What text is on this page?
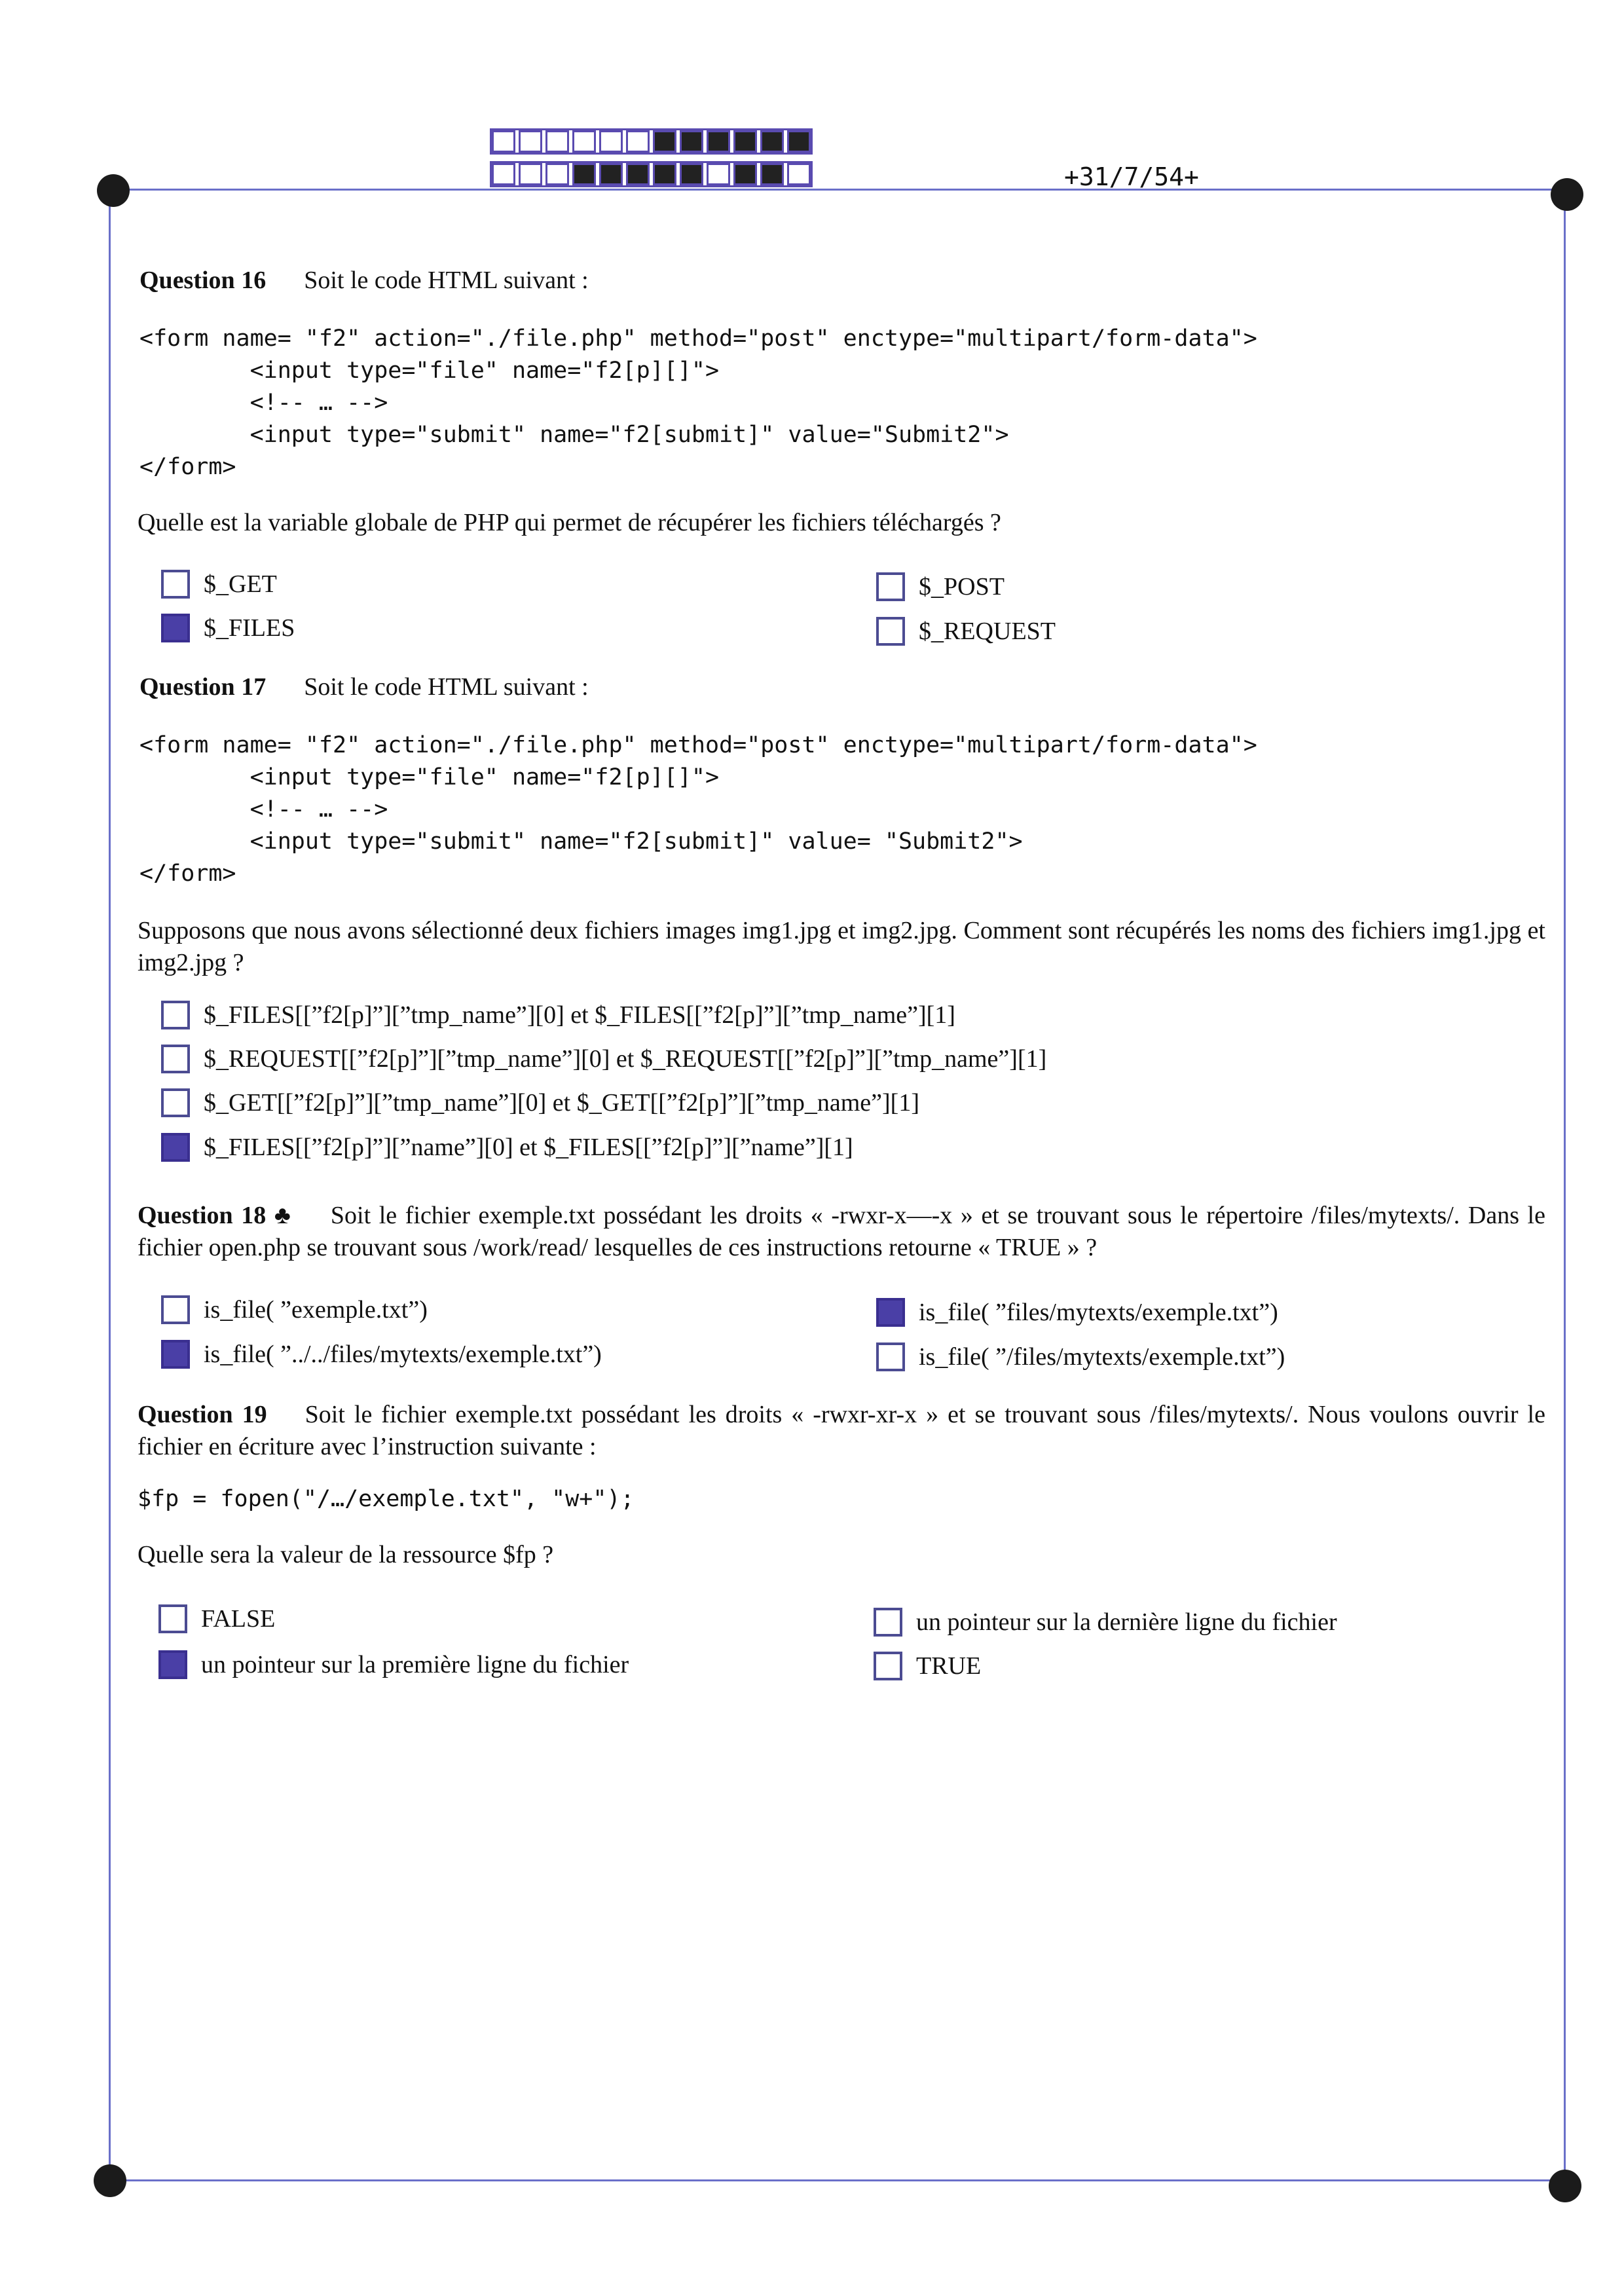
+31/7/54+
Question 16 Soit le code HTML suivant :
<form name= "f2" action="./file.php" method="post" enctype="multipart/form-data">
<input type="file" name="f2[p][]">
<!-- … -->
<input type="submit" name="f2[submit]" value="Submit2">
</form>
Quelle est la variable globale de PHP qui permet de récupérer les fichiers téléchargés ?
$_GET
$_FILES
$_POST
$_REQUEST
Question 17 Soit le code HTML suivant :
<form name= "f2" action="./file.php" method="post" enctype="multipart/form-data">
<input type="file" name="f2[p][]">
<!-- … -->
<input type="submit" name="f2[submit]" value= "Submit2">
</form>
Supposons que nous avons sélectionné deux fichiers images img1.jpg et img2.jpg. Comment sont récupérés les noms des fichiers img1.jpg et img2.jpg ?
$_FILES[[”f2[p]”][”tmp_name”][0] et $_FILES[[”f2[p]”][”tmp_name”][1]
$_REQUEST[[”f2[p]”][”tmp_name”][0] et $_REQUEST[[”f2[p]”][”tmp_name”][1]
$_GET[[”f2[p]”][”tmp_name”][0] et $_GET[[”f2[p]”][”tmp_name”][1]
$_FILES[[”f2[p]”][”name”][0] et $_FILES[[”f2[p]”][”name”][1]
Question 18 ♣ Soit le fichier exemple.txt possédant les droits « -rwxr-x—-x » et se trouvant sous le répertoire /files/mytexts/. Dans le fichier open.php se trouvant sous /work/read/ lesquelles de ces instructions retourne « TRUE » ?
is_file( ”exemple.txt”)
is_file( ”../../files/mytexts/exemple.txt”)
is_file( ”files/mytexts/exemple.txt”)
is_file( ”/files/mytexts/exemple.txt”)
Question 19 Soit le fichier exemple.txt possédant les droits « -rwxr-xr-x » et se trouvant sous /files/mytexts/. Nous voulons ouvrir le fichier en écriture avec l’instruction suivante :
$fp = fopen("/…/exemple.txt", "w+");
Quelle sera la valeur de la ressource $fp ?
FALSE
un pointeur sur la première ligne du fichier
un pointeur sur la dernière ligne du fichier
TRUE
